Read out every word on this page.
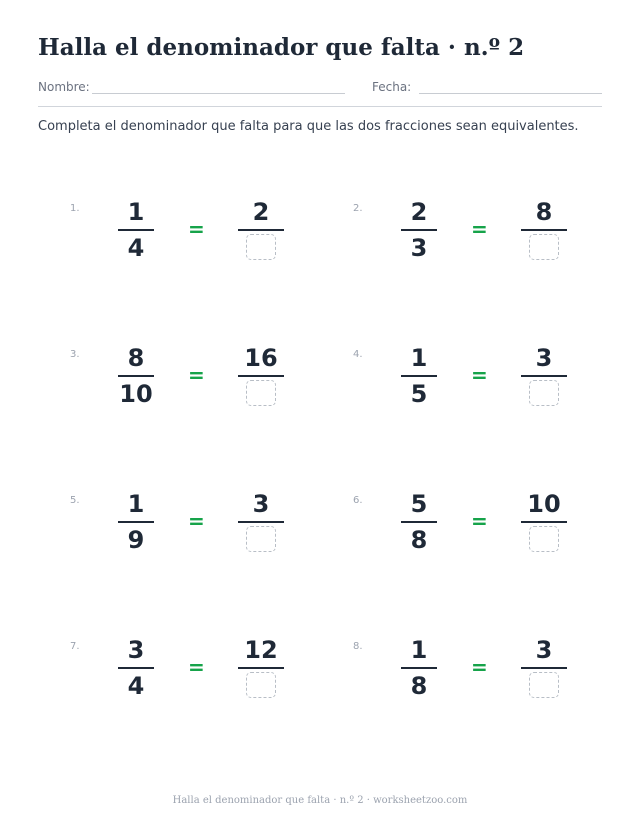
Halla el denominador que falta · n.º 2
Nombre:	Fecha:
Completa el denominador que falta para que las dos fracciones sean equivalentes.
1.	1
4
=
2	2.	2
3
=
8
3.	8
10
=
16	4.	1
5
=
3
5.	1
9
=
3	6.	5
8
=
10
7.	3
4
=
12	8.	1
8
=
3
Halla el denominador que falta · n.º 2 · worksheetzoo.com
